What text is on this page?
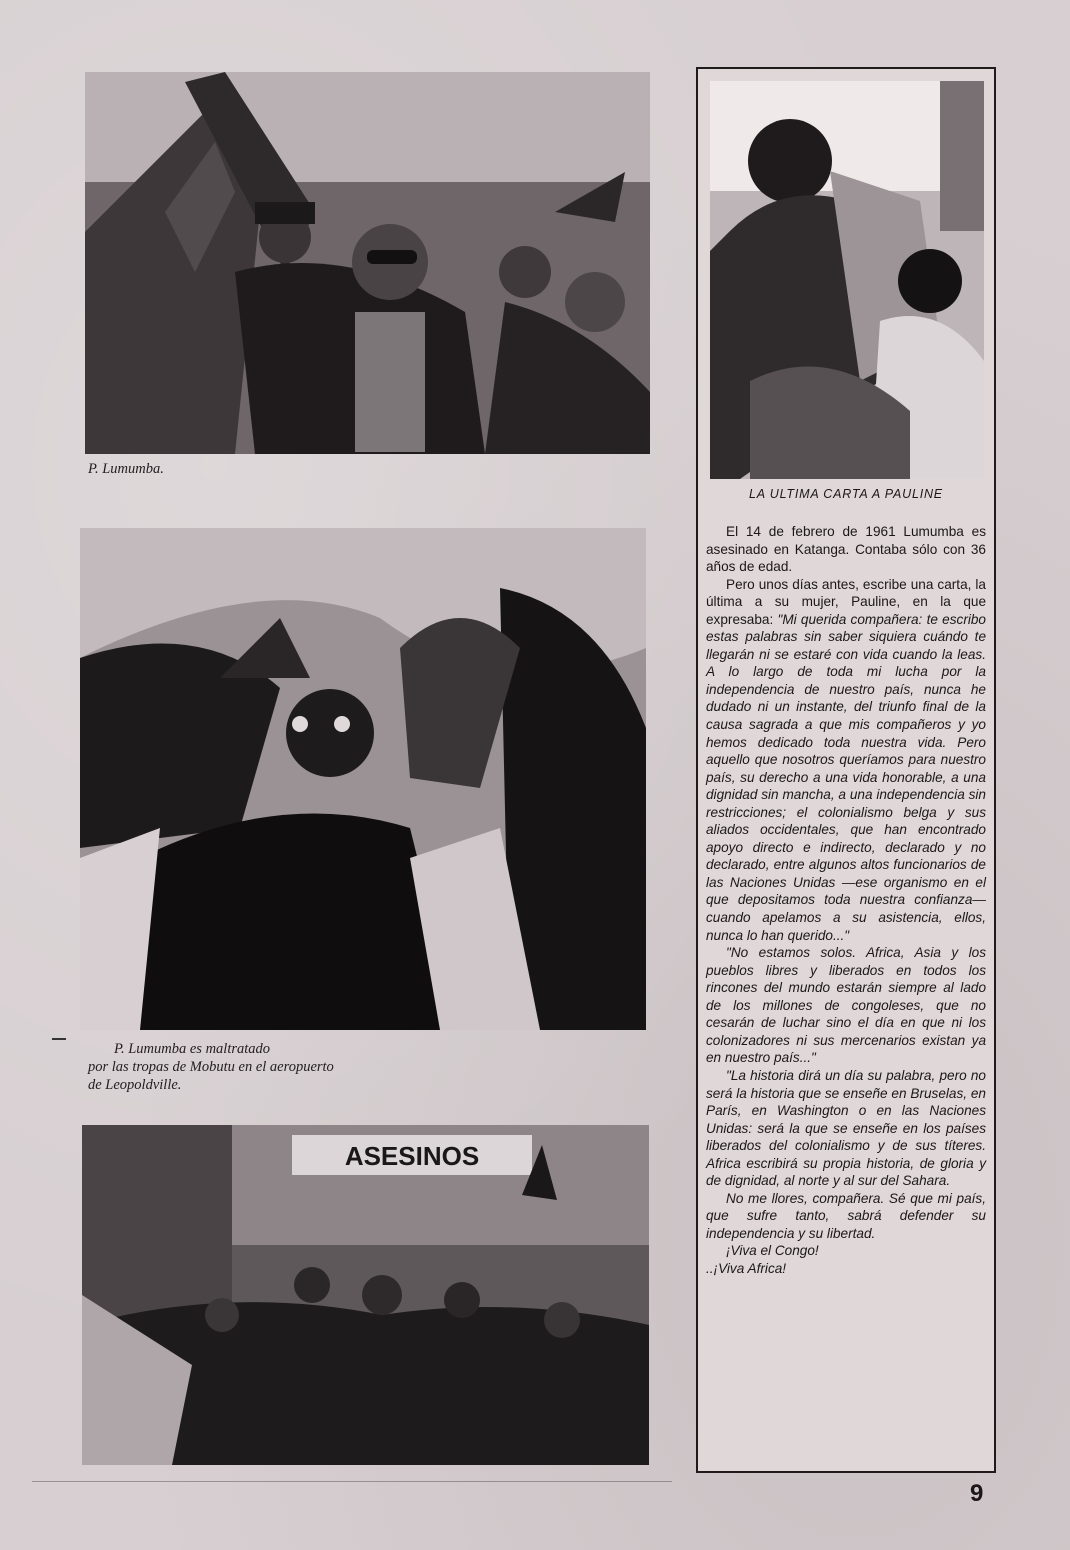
P. Lumumba.
P. Lumumba es maltratado
por las tropas de Mobutu en el aeropuerto
de Leopoldville.
ASESINOS
LA ULTIMA CARTA A PAULINE

El 14 de febrero de 1961 Lumumba es asesinado en Katanga. Contaba sólo con 36 años de edad.

Pero unos días antes, escribe una carta, la última a su mujer, Pauline, en la que expresaba: "Mi querida compañera: te escribo estas palabras sin saber siquiera cuándo te llegarán ni se estaré con vida cuando la leas. A lo largo de toda mi lucha por la independencia de nuestro país, nunca he dudado ni un instante, del triunfo final de la causa sagrada a que mis compañeros y yo hemos dedicado toda nuestra vida. Pero aquello que nosotros queríamos para nuestro país, su derecho a una vida honorable, a una dignidad sin mancha, a una independencia sin restricciones; el colonialismo belga y sus aliados occidentales, que han encontrado apoyo directo e indirecto, declarado y no declarado, entre algunos altos funcionarios de las Naciones Unidas —ese organismo en el que depositamos toda nuestra confianza— cuando apelamos a su asistencia, ellos, nunca lo han querido..."

"No estamos solos. Africa, Asia y los pueblos libres y liberados en todos los rincones del mundo estarán siempre al lado de los millones de congoleses, que no cesarán de luchar sino el día en que ni los colonizadores ni sus mercenarios existan ya en nuestro país..."

"La historia dirá un día su palabra, pero no será la historia que se enseñe en Bruselas, en París, en Washington o en las Naciones Unidas: será la que se enseñe en los países liberados del colonialismo y de sus títeres. Africa escribirá su propia historia, de gloria y de dignidad, al norte y al sur del Sahara.

No me llores, compañera. Sé que mi país, que sufre tanto, sabrá defender su independencia y su libertad.

¡Viva el Congo!

..¡Viva Africa!

9
